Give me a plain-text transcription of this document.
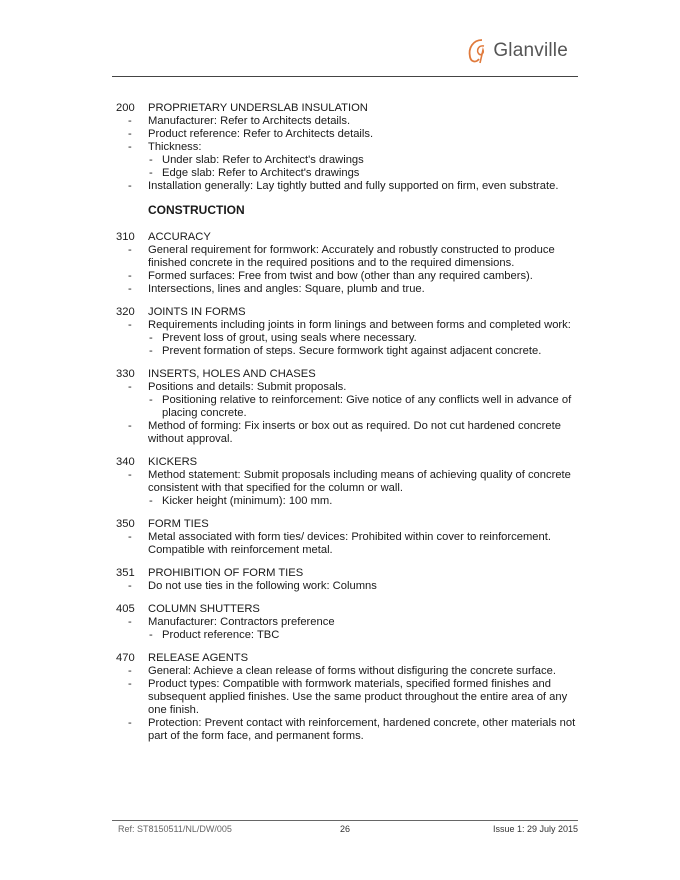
Glanville
200 PROPRIETARY UNDERSLAB INSULATION
- Manufacturer: Refer to Architects details.
- Product reference: Refer to Architects details.
- Thickness:
- Under slab: Refer to Architect's drawings
- Edge slab: Refer to Architect's drawings
- Installation generally: Lay tightly butted and fully supported on firm, even substrate.
CONSTRUCTION
310 ACCURACY
- General requirement for formwork: Accurately and robustly constructed to produce finished concrete in the required positions and to the required dimensions.
- Formed surfaces: Free from twist and bow (other than any required cambers).
- Intersections, lines and angles: Square, plumb and true.
320 JOINTS IN FORMS
- Requirements including joints in form linings and between forms and completed work:
- Prevent loss of grout, using seals where necessary.
- Prevent formation of steps. Secure formwork tight against adjacent concrete.
330 INSERTS, HOLES AND CHASES
- Positions and details: Submit proposals.
- Positioning relative to reinforcement: Give notice of any conflicts well in advance of placing concrete.
- Method of forming: Fix inserts or box out as required. Do not cut hardened concrete without approval.
340 KICKERS
- Method statement: Submit proposals including means of achieving quality of concrete consistent with that specified for the column or wall.
- Kicker height (minimum): 100 mm.
350 FORM TIES
- Metal associated with form ties/ devices: Prohibited within cover to reinforcement. Compatible with reinforcement metal.
351 PROHIBITION OF FORM TIES
- Do not use ties in the following work: Columns
405 COLUMN SHUTTERS
- Manufacturer: Contractors preference
- Product reference: TBC
470 RELEASE AGENTS
- General: Achieve a clean release of forms without disfiguring the concrete surface.
- Product types: Compatible with formwork materials, specified formed finishes and subsequent applied finishes. Use the same product throughout the entire area of any one finish.
- Protection: Prevent contact with reinforcement, hardened concrete, other materials not part of the form face, and permanent forms.
Ref: ST8150511/NL/DW/005	26	Issue 1: 29 July 2015
